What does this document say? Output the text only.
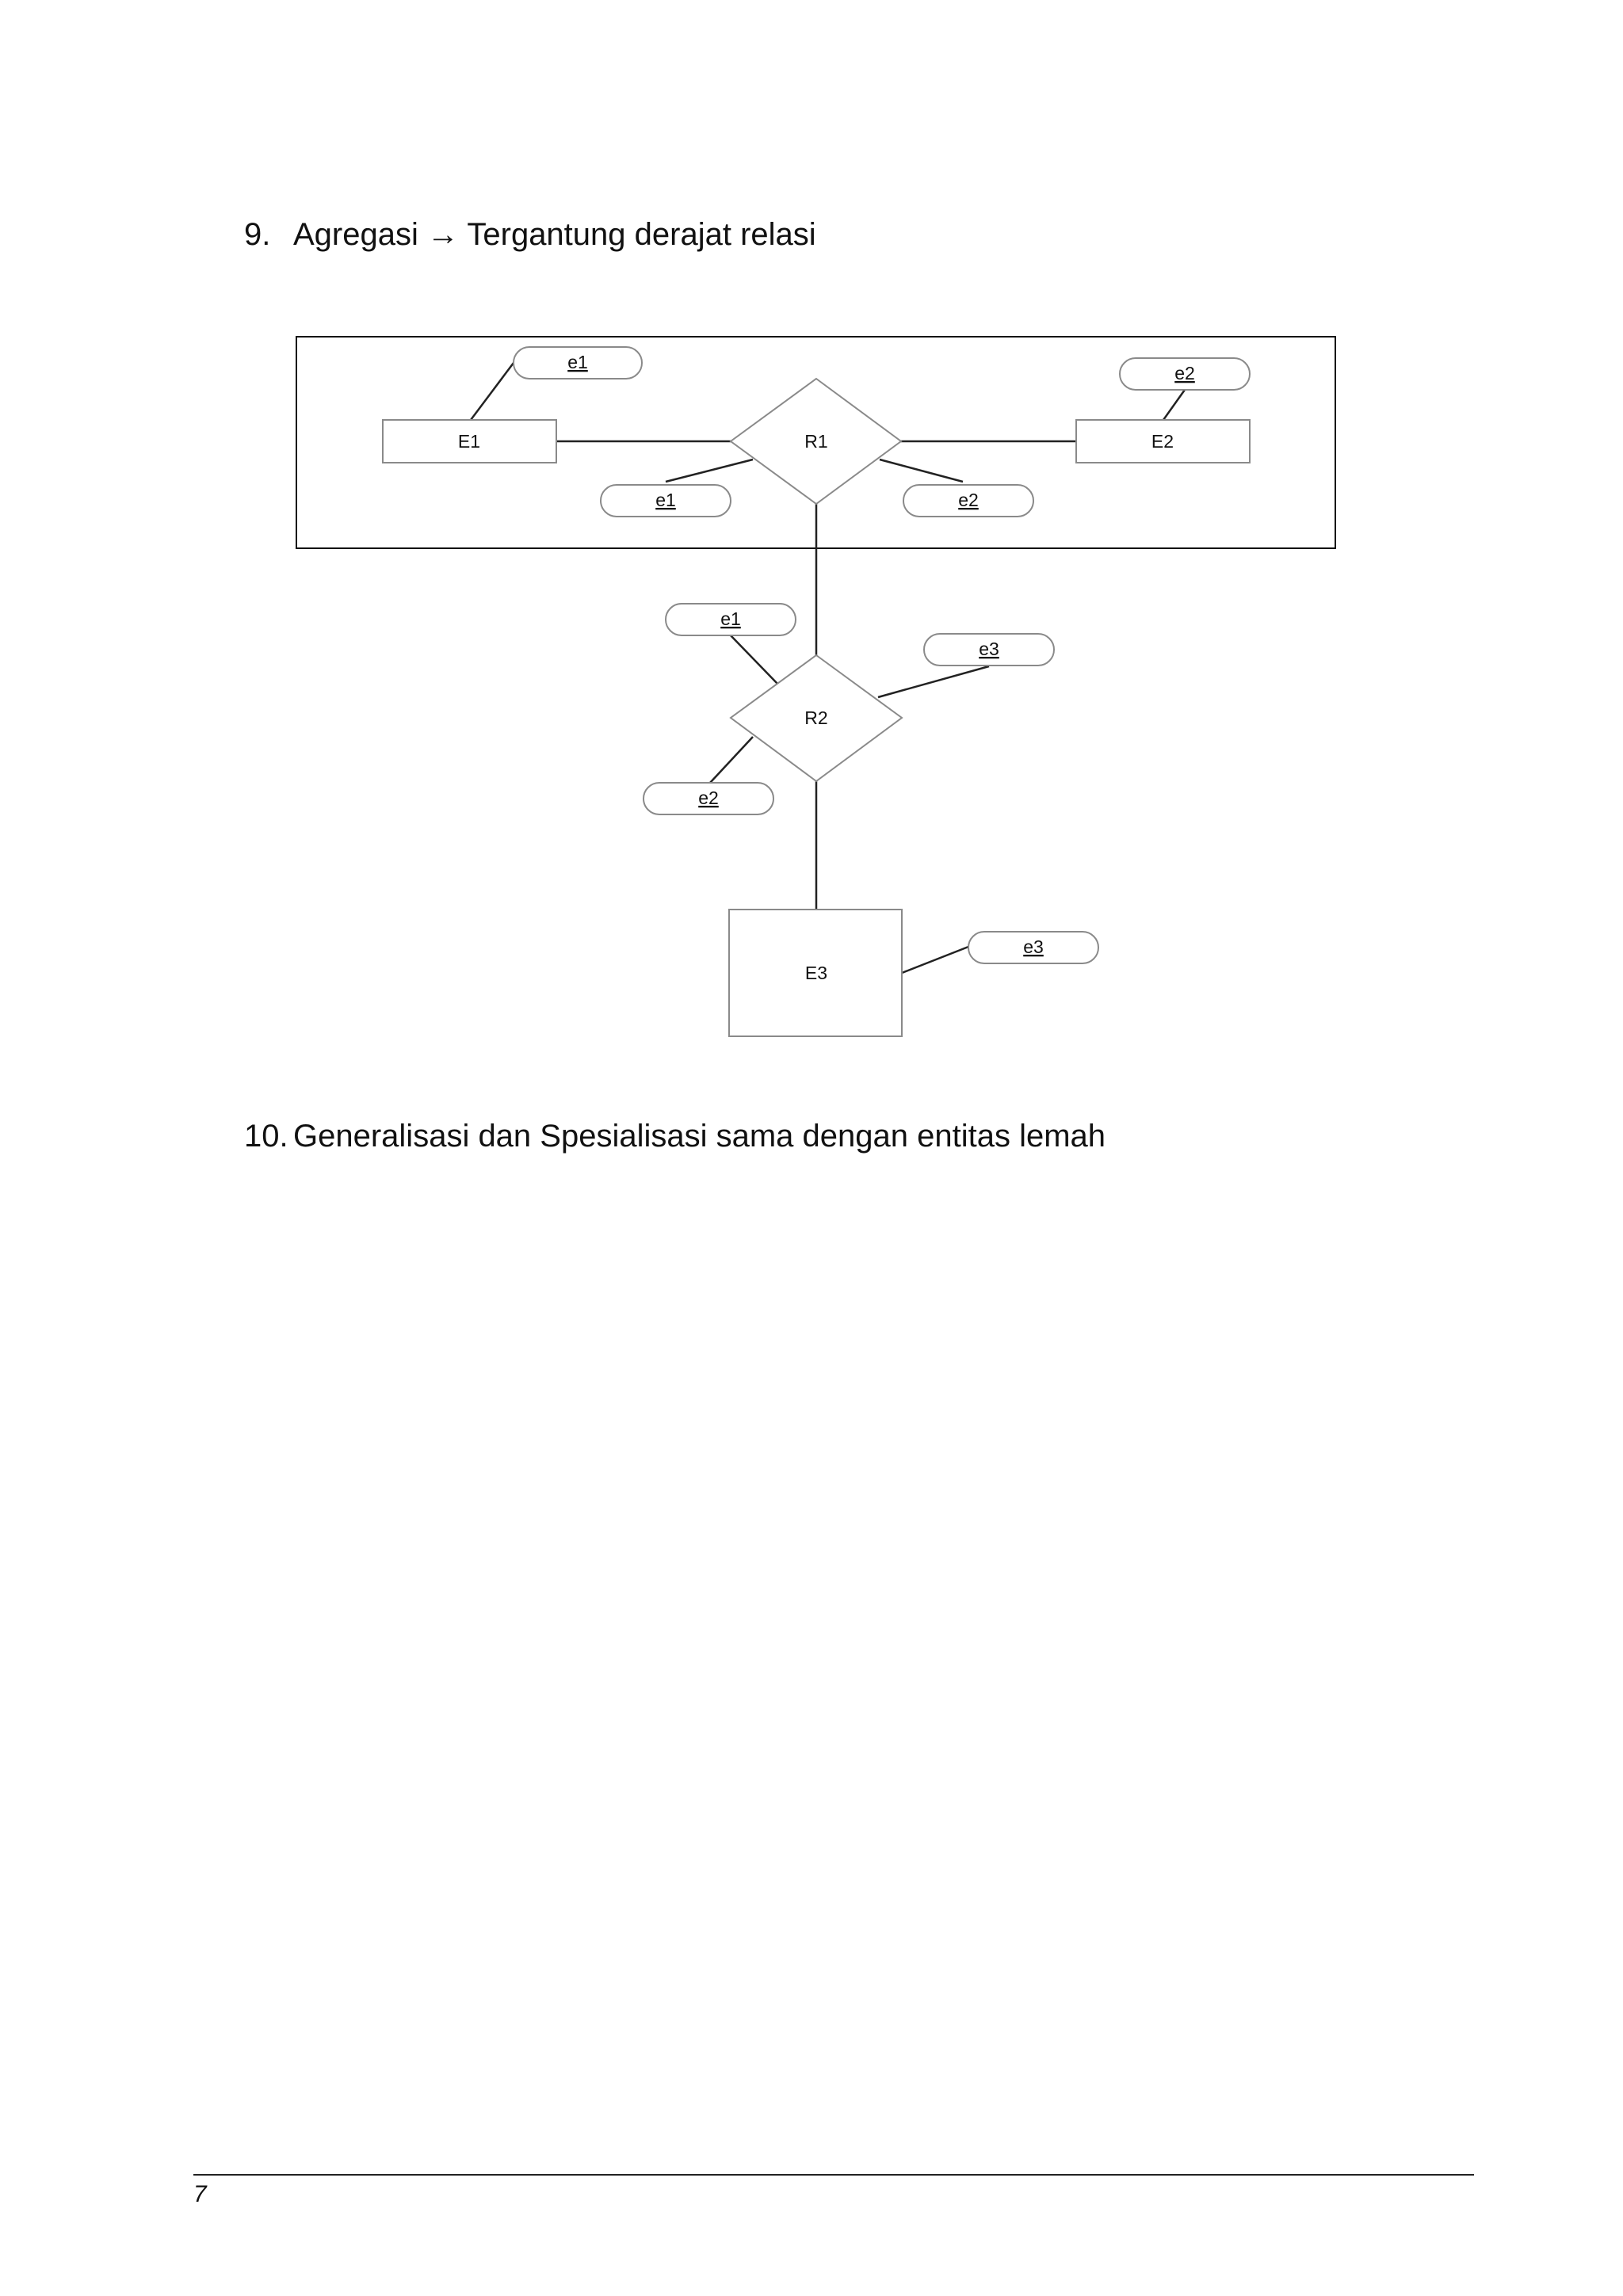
9. Agregasi → Tergantung derajat relasi
E1	E2
E3
R1
R2
e1
e2
e1	e2
e1
e3
e2
e3
10. Generalisasi dan Spesialisasi sama dengan entitas lemah
7
